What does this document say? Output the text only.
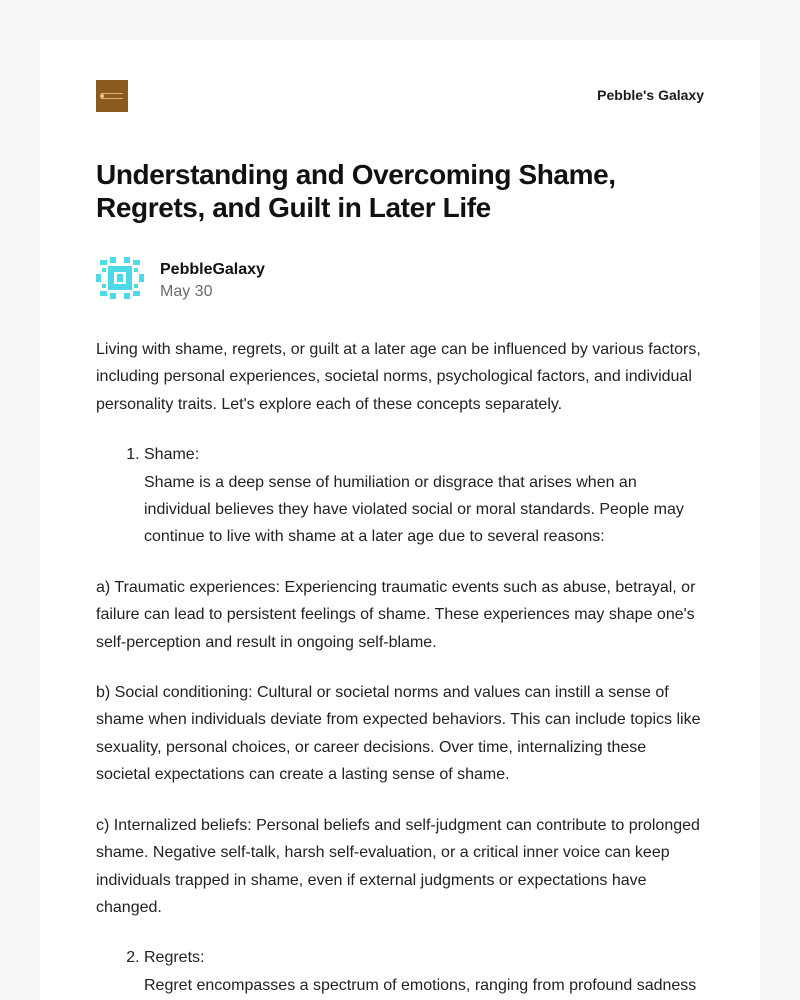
Pebble's Galaxy
Understanding and Overcoming Shame, Regrets, and Guilt in Later Life
PebbleGalaxy
May 30

Living with shame, regrets, or guilt at a later age can be influenced by various factors, including personal experiences, societal norms, psychological factors, and individual personality traits. Let's explore each of these concepts separately.

1. Shame:
Shame is a deep sense of humiliation or disgrace that arises when an individual believes they have violated social or moral standards. People may continue to live with shame at a later age due to several reasons:

a) Traumatic experiences: Experiencing traumatic events such as abuse, betrayal, or failure can lead to persistent feelings of shame. These experiences may shape one's self-perception and result in ongoing self-blame.

b) Social conditioning: Cultural or societal norms and values can instill a sense of shame when individuals deviate from expected behaviors. This can include topics like sexuality, personal choices, or career decisions. Over time, internalizing these societal expectations can create a lasting sense of shame.

c) Internalized beliefs: Personal beliefs and self-judgment can contribute to prolonged shame. Negative self-talk, harsh self-evaluation, or a critical inner voice can keep individuals trapped in shame, even if external judgments or expectations have changed.

2. Regrets:
Regret encompasses a spectrum of emotions, ranging from profound sadness
